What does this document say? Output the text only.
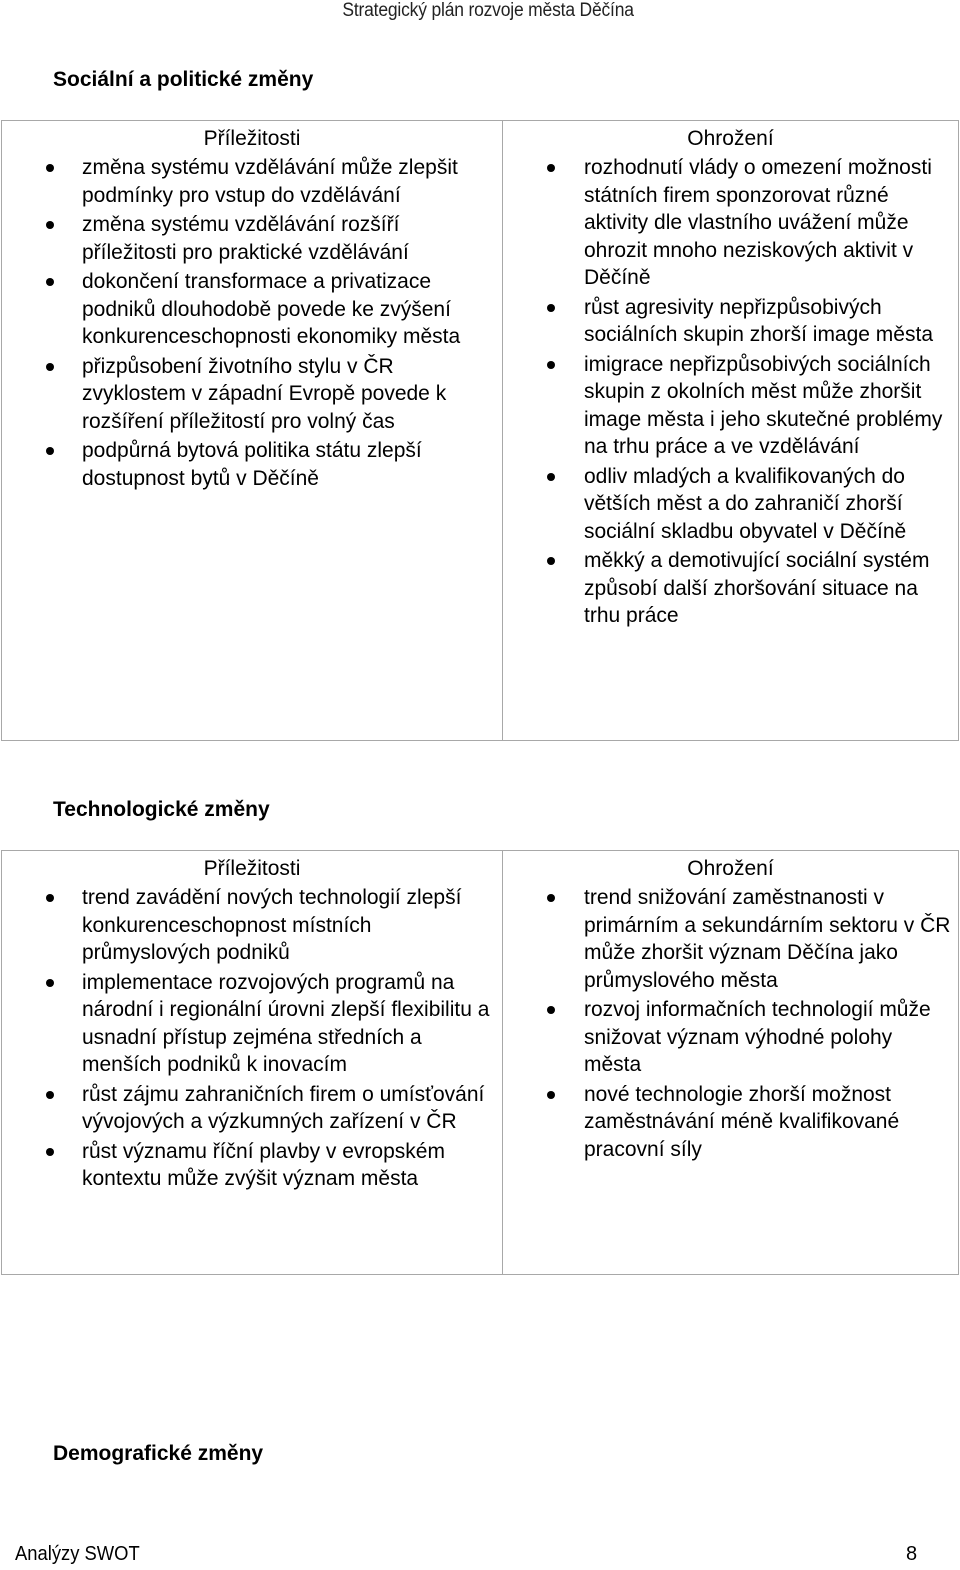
Strategický plán rozvoje města Děčína
Sociální a politické změny
Příležitosti
změna systému vzdělávání může zlepšit podmínky pro vstup do vzdělávání
změna systému vzdělávání rozšíří příležitosti pro praktické vzdělávání
dokončení transformace a privatizace podniků dlouhodobě povede ke zvýšení konkurenceschopnosti ekonomiky města
přizpůsobení životního stylu v ČR zvyklostem v západní Evropě povede k rozšíření příležitostí pro volný čas
podpůrná bytová politika státu zlepší dostupnost bytů v Děčíně

Ohrožení
rozhodnutí vlády o omezení možnosti státních firem sponzorovat různé aktivity dle vlastního uvážení může ohrozit mnoho neziskových aktivit v Děčíně
růst agresivity nepřizpůsobivých sociálních skupin zhorší image města
imigrace nepřizpůsobivých sociálních skupin z okolních měst může zhoršit image města i jeho skutečné problémy na trhu práce a ve vzdělávání
odliv mladých a kvalifikovaných do větších měst a do zahraničí zhorší sociální skladbu obyvatel v Děčíně
měkký a demotivující sociální systém způsobí další zhoršování situace na trhu práce
Technologické změny
Příležitosti
trend zavádění nových technologií zlepší konkurenceschopnost místních průmyslových podniků
implementace rozvojových programů na národní i regionální úrovni zlepší flexibilitu a usnadní přístup zejména středních a menších podniků k inovacím
růst zájmu zahraničních firem o umísťování vývojových a výzkumných zařízení v ČR
růst významu říční plavby v evropském kontextu může zvýšit význam města

Ohrožení
trend snižování zaměstnanosti v primárním a sekundárním sektoru v ČR může zhoršit význam Děčína jako průmyslového města
rozvoj informačních technologií může snižovat význam výhodné polohy města
nové technologie zhorší možnost zaměstnávání méně kvalifikované pracovní síly
Demografické změny
Analýzy SWOT	8
